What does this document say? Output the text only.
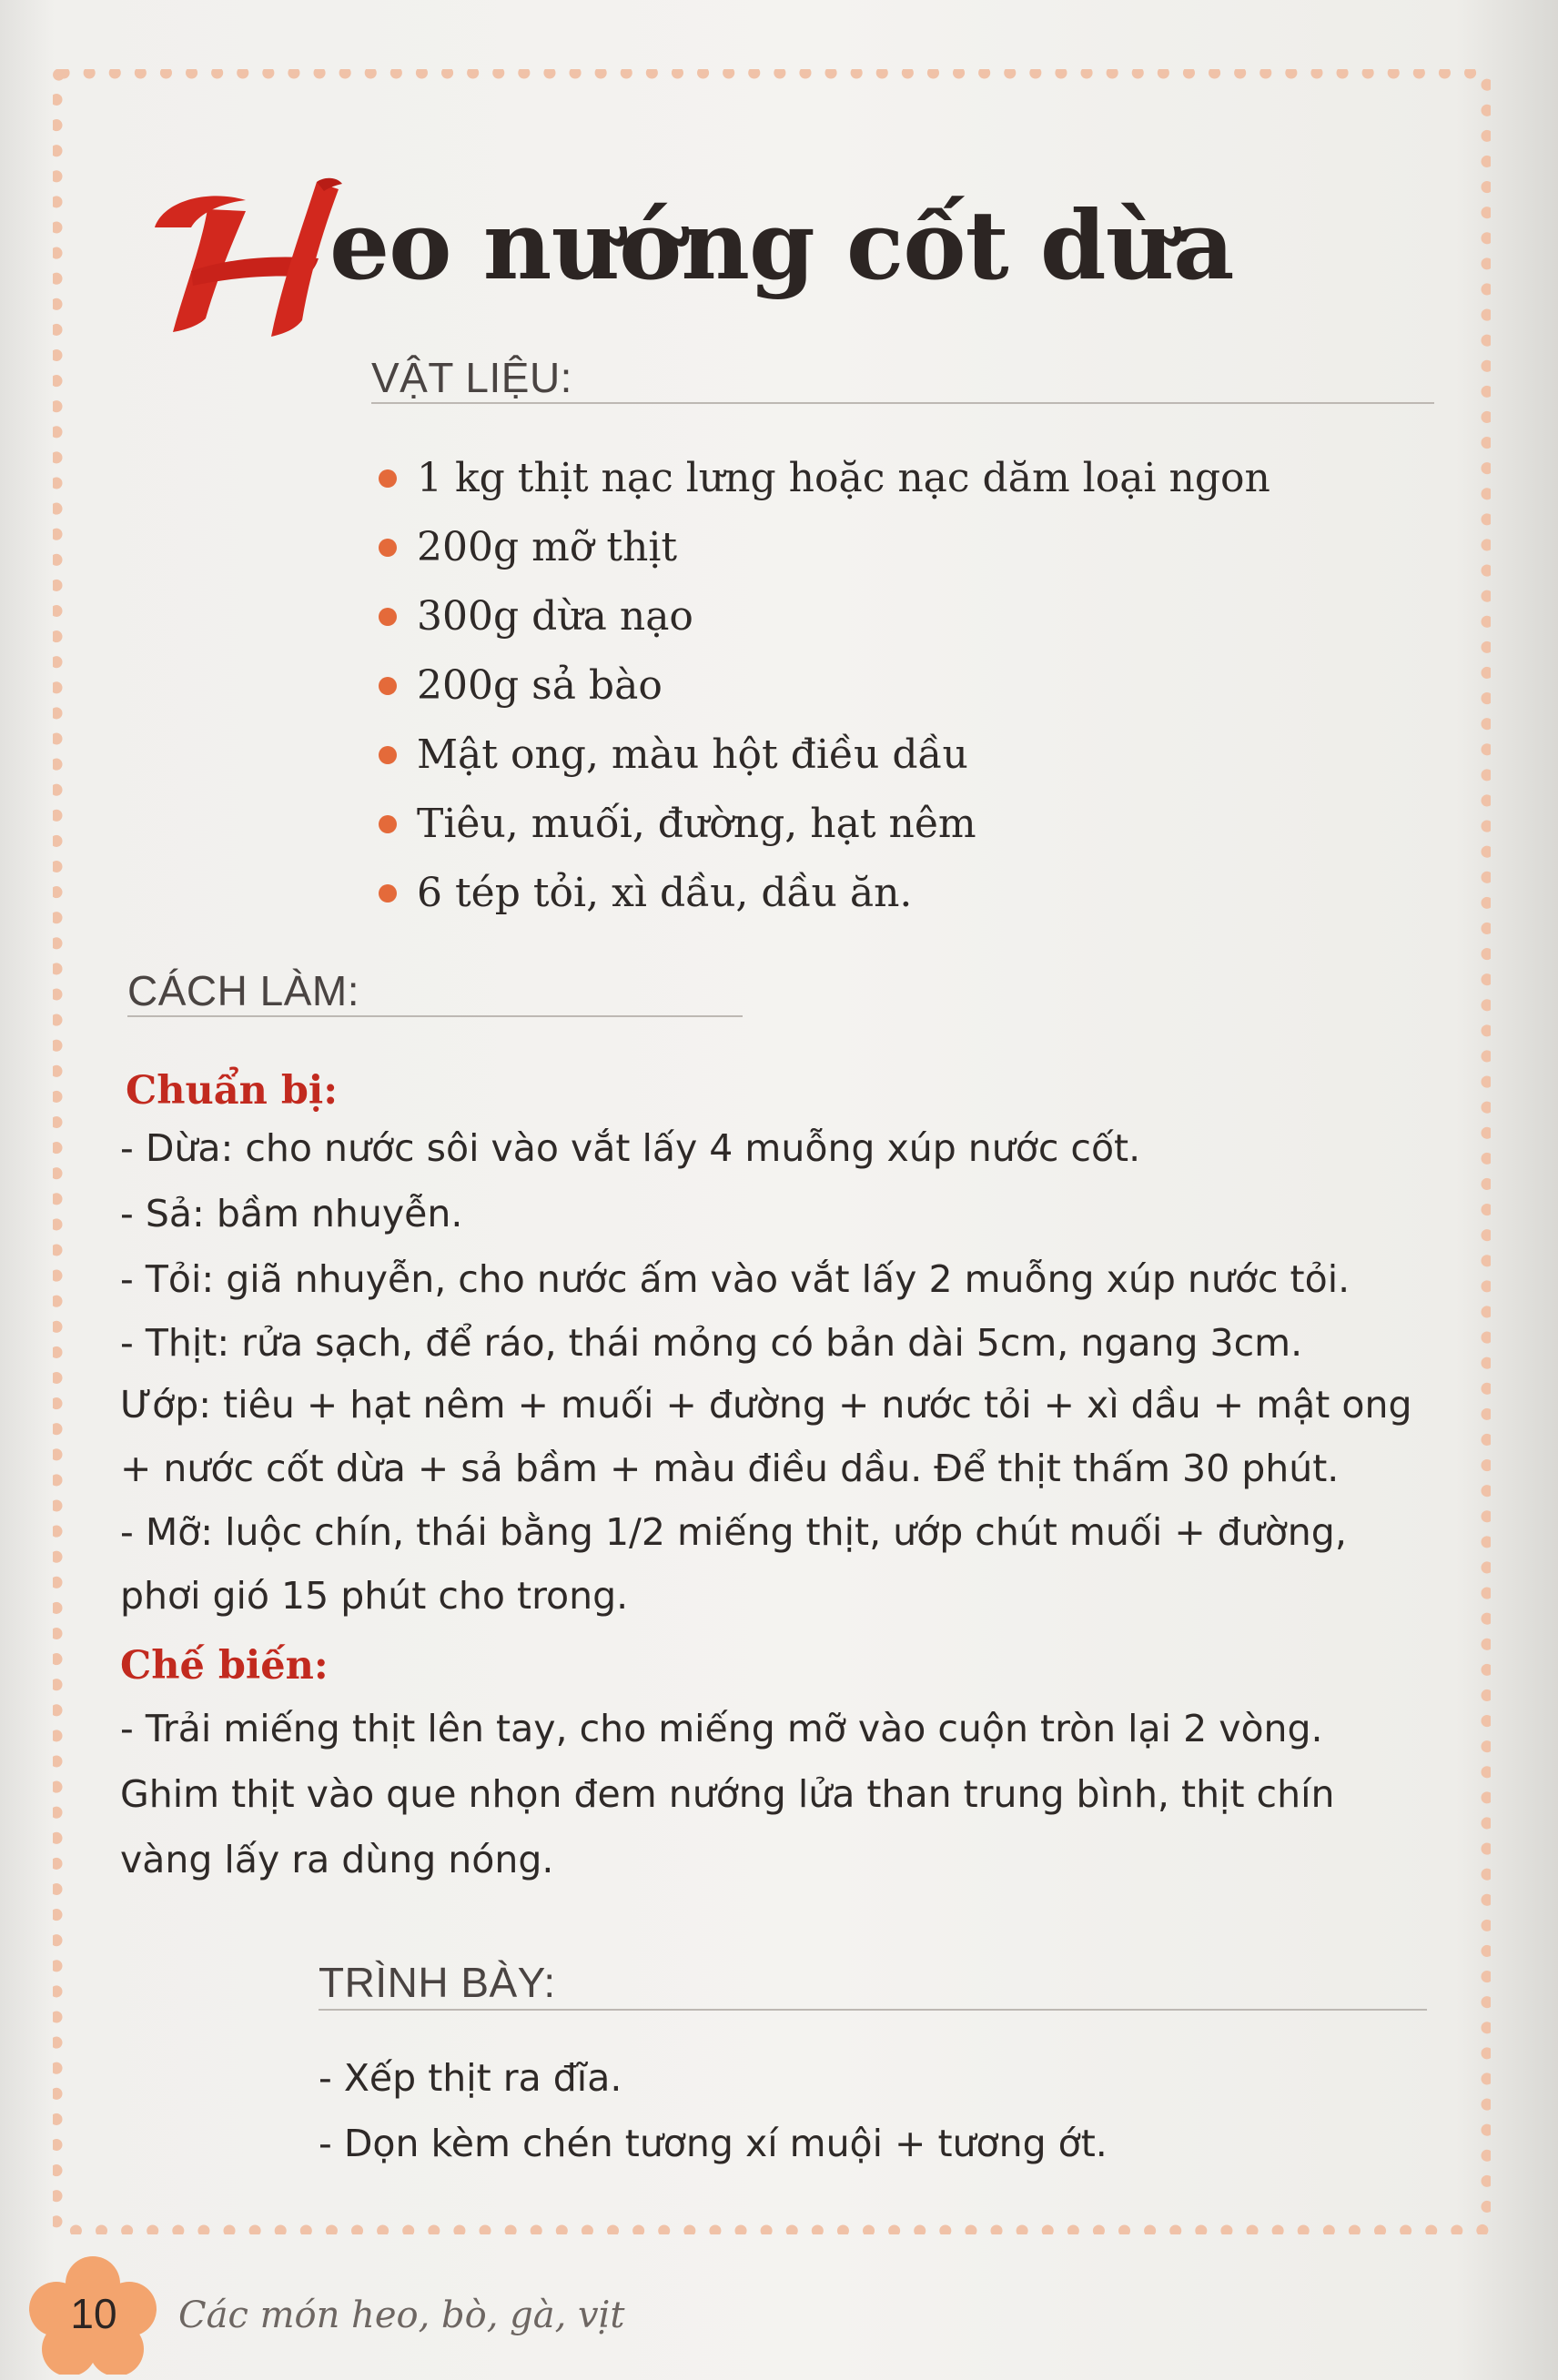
eo nướng cốt dừa
VẬT LIỆU:
1 kg thịt nạc lưng hoặc nạc dăm loại ngon
200g mỡ thịt
300g dừa nạo
200g sả bào
Mật ong, màu hột điều dầu
Tiêu, muối, đường, hạt nêm
6 tép tỏi, xì dầu, dầu ăn.
CÁCH LÀM:
Chuẩn bị:
- Dừa: cho nước sôi vào vắt lấy 4 muỗng xúp nước cốt.
- Sả: bầm nhuyễn.
- Tỏi: giã nhuyễn, cho nước ấm vào vắt lấy 2 muỗng xúp nước tỏi.
- Thịt: rửa sạch, để ráo, thái mỏng có bản dài 5cm, ngang 3cm.
Ướp: tiêu + hạt nêm + muối + đường + nước tỏi + xì dầu + mật ong
+ nước cốt dừa + sả bầm + màu điều dầu. Để thịt thấm 30 phút.
- Mỡ: luộc chín, thái bằng 1/2 miếng thịt, ướp chút muối + đường,
phơi gió 15 phút cho trong.
Chế biến:
- Trải miếng thịt lên tay, cho miếng mỡ vào cuộn tròn lại 2 vòng.
Ghim thịt vào que nhọn đem nướng lửa than trung bình, thịt chín
vàng lấy ra dùng nóng.
TRÌNH BÀY:
- Xếp thịt ra đĩa.
- Dọn kèm chén tương xí muội + tương ớt.
10 Các món heo, bò, gà, vịt
